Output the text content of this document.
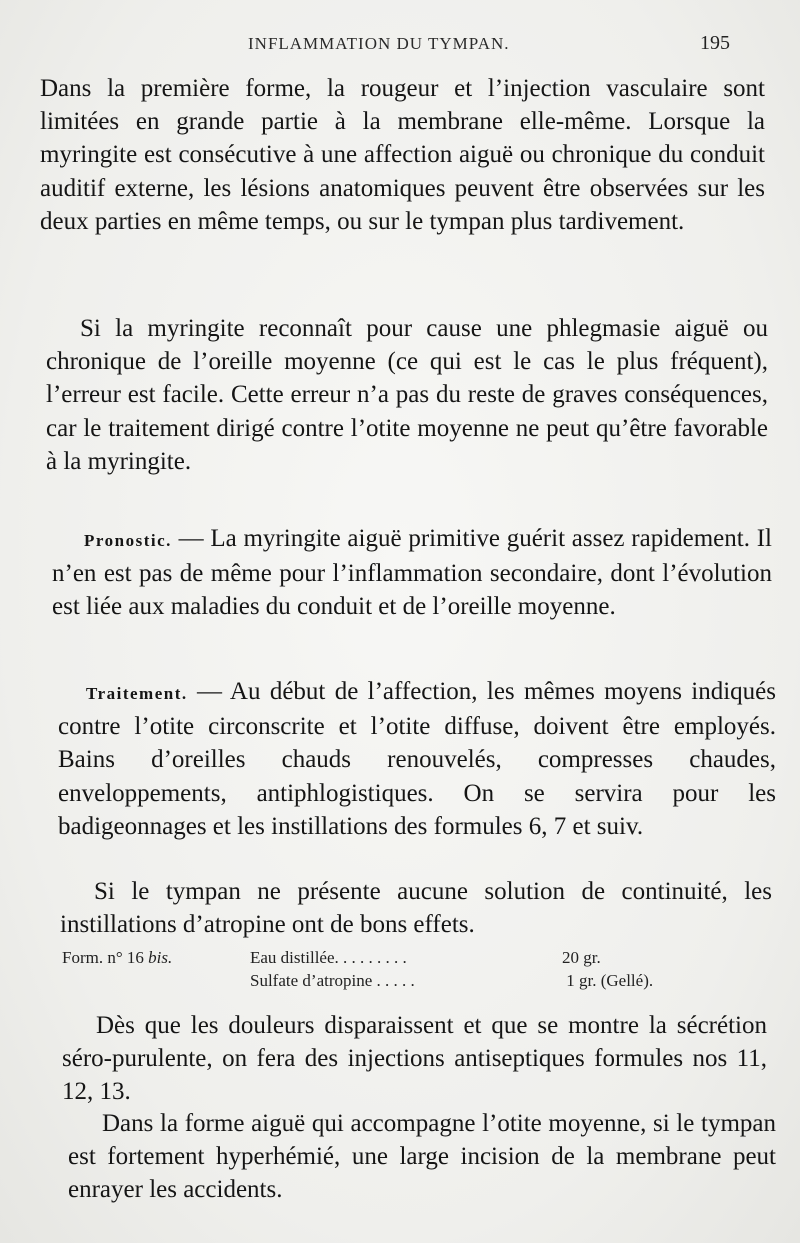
INFLAMMATION DU TYMPAN.	195

Dans la première forme, la rougeur et l’injection vasculaire sont limitées en grande partie à la membrane elle-même. Lorsque la myringite est consécutive à une affection aiguë ou chronique du conduit auditif externe, les lésions anatomiques peuvent être observées sur les deux parties en même temps, ou sur le tympan plus tardivement.

Si la myringite reconnaît pour cause une phlegmasie aiguë ou chronique de l’oreille moyenne (ce qui est le cas le plus fréquent), l’erreur est facile. Cette erreur n’a pas du reste de graves conséquences, car le traitement dirigé contre l’otite moyenne ne peut qu’être favorable à la myringite.

Pronostic. — La myringite aiguë primitive guérit assez rapidement. Il n’en est pas de même pour l’inflammation secondaire, dont l’évolution est liée aux maladies du conduit et de l’oreille moyenne.

Traitement. — Au début de l’affection, les mêmes moyens indiqués contre l’otite circonscrite et l’otite diffuse, doivent être employés. Bains d’oreilles chauds renouvelés, compresses chaudes, enveloppements, antiphlogistiques. On se servira pour les badigeonnages et les instillations des formules 6, 7 et suiv.

Si le tympan ne présente aucune solution de continuité, les instillations d’atropine ont de bons effets.

Form. n° 16 bis.	Eau distillée. . . . . . . . .	20 gr.
Sulfate d’atropine . . . . .	1 gr. (Gellé).

Dès que les douleurs disparaissent et que se montre la sécrétion séro-purulente, on fera des injections antiseptiques formules nos 11, 12, 13.

Dans la forme aiguë qui accompagne l’otite moyenne, si le tympan est fortement hyperhémié, une large incision de la membrane peut enrayer les accidents.
